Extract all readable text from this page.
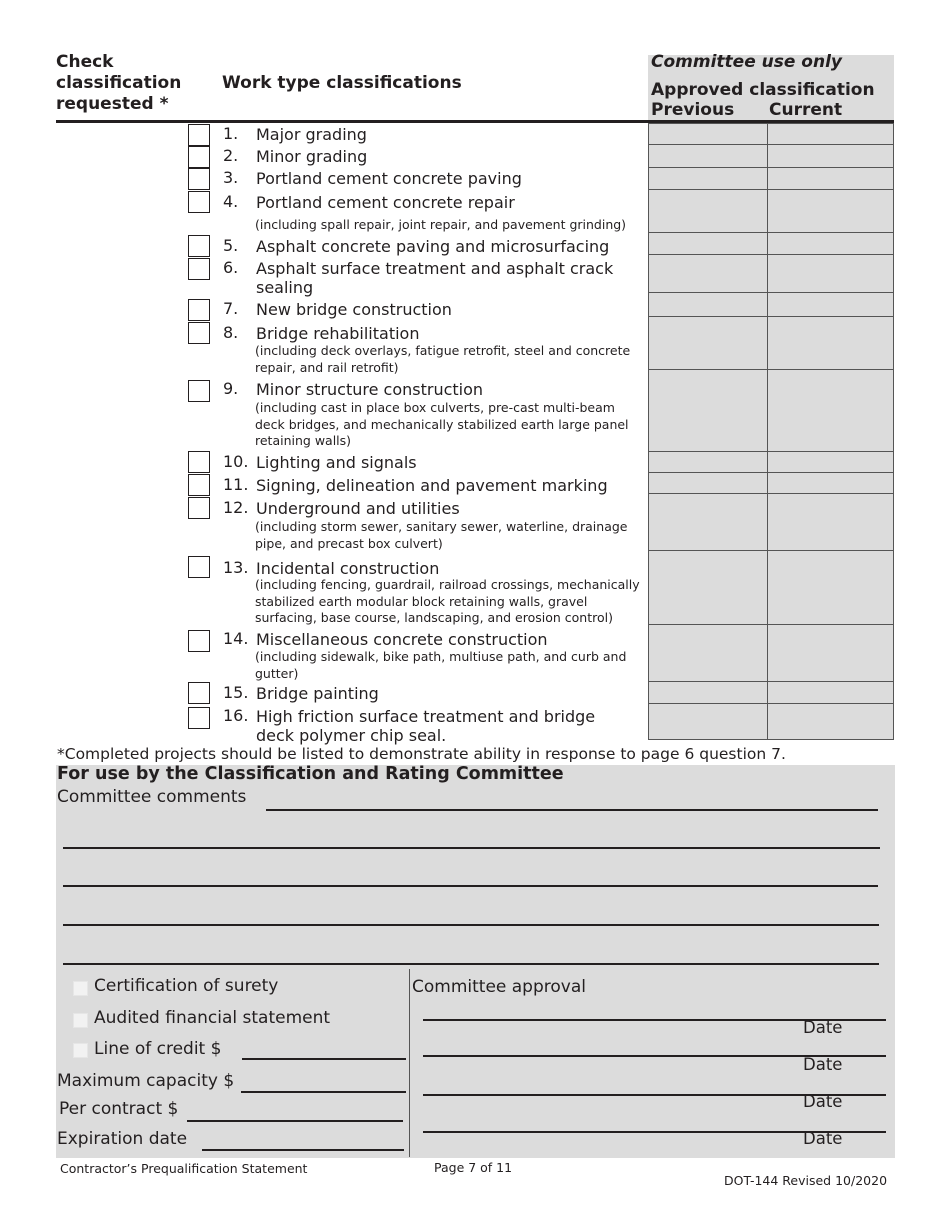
Check classification requested *
Work type classifications
Committee use only
Approved classification
Previous Current
1. Major grading
2. Minor grading
3. Portland cement concrete paving
4. Portland cement concrete repair
(including spall repair, joint repair, and pavement grinding)
5. Asphalt concrete paving and microsurfacing
6. Asphalt surface treatment and asphalt crack sealing
7. New bridge construction
8. Bridge rehabilitation
(including deck overlays, fatigue retrofit, steel and concrete repair, and rail retrofit)
9. Minor structure construction
(including cast in place box culverts, pre-cast multi-beam deck bridges, and mechanically stabilized earth large panel retaining walls)
10. Lighting and signals
11. Signing, delineation and pavement marking
12. Underground and utilities
(including storm sewer, sanitary sewer, waterline, drainage pipe, and precast box culvert)
13. Incidental construction
(including fencing, guardrail, railroad crossings, mechanically stabilized earth modular block retaining walls, gravel surfacing, base course, landscaping, and erosion control)
14. Miscellaneous concrete construction
(including sidewalk, bike path, multiuse path, and curb and gutter)
15. Bridge painting
16. High friction surface treatment and bridge deck polymer chip seal.
*Completed projects should be listed to demonstrate ability in response to page 6 question 7.
For use by the Classification and Rating Committee
Committee comments
Certification of surety
Audited financial statement
Line of credit $
Maximum capacity $
Per contract $
Expiration date
Committee approval
Date
Date
Date
Date
Contractor’s Prequalification Statement	Page 7 of 11
DOT-144 Revised 10/2020
